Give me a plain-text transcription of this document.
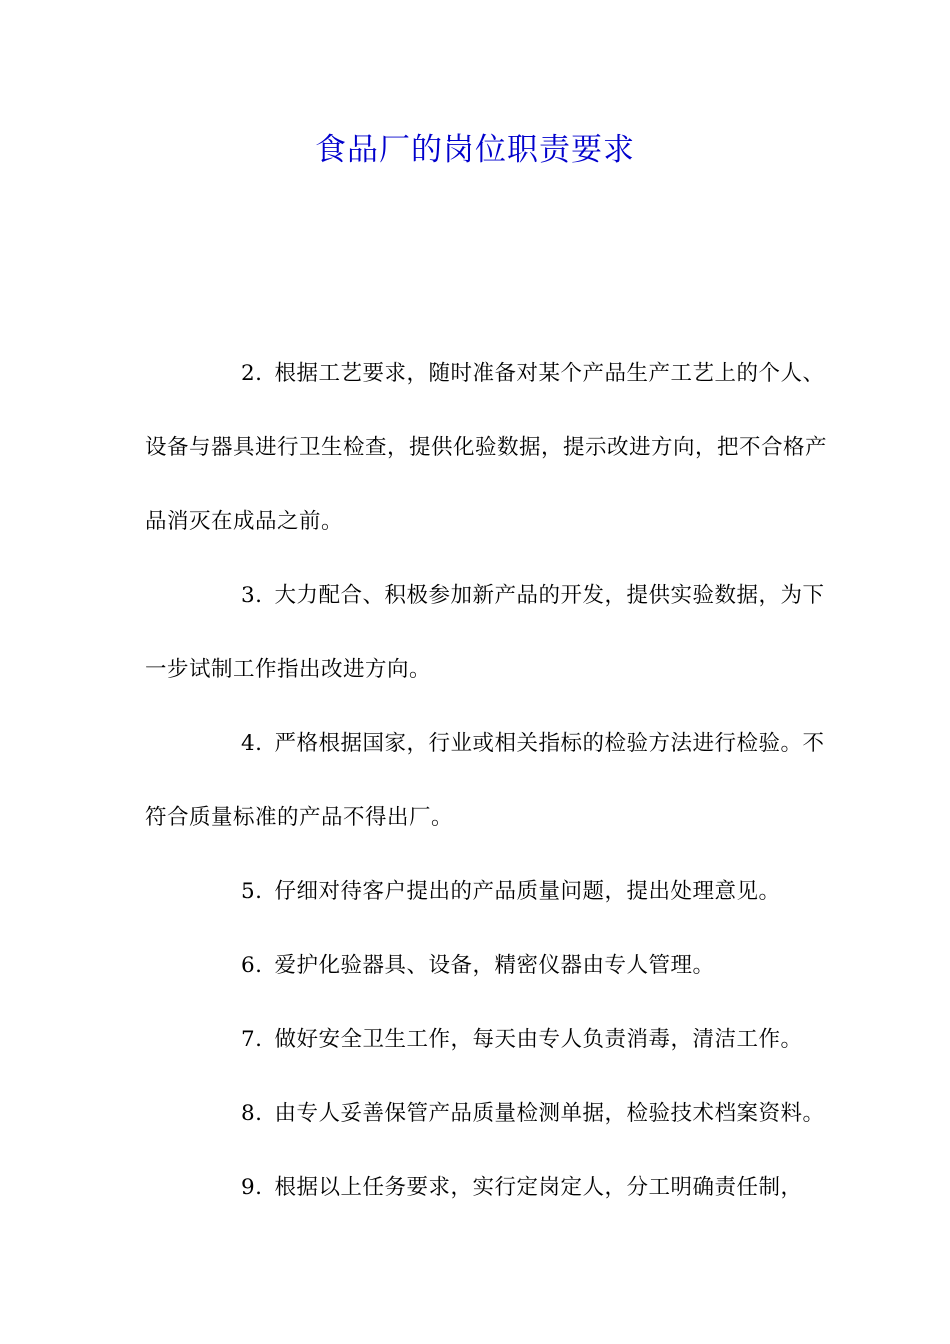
食品厂的岗位职责要求

2. 根据工艺要求，随时准备对某个产品生产工艺上的个人、设备与器具进行卫生检查，提供化验数据，提示改进方向，把不合格产品消灭在成品之前。

3. 大力配合、积极参加新产品的开发，提供实验数据，为下一步试制工作指出改进方向。

4. 严格根据国家，行业或相关指标的检验方法进行检验。不符合质量标准的产品不得出厂。

5. 仔细对待客户提出的产品质量问题，提出处理意见。

6. 爱护化验器具、设备，精密仪器由专人管理。

7. 做好安全卫生工作，每天由专人负责消毒，清洁工作。

8. 由专人妥善保管产品质量检测单据，检验技术档案资料。

9. 根据以上任务要求，实行定岗定人，分工明确责任制，
